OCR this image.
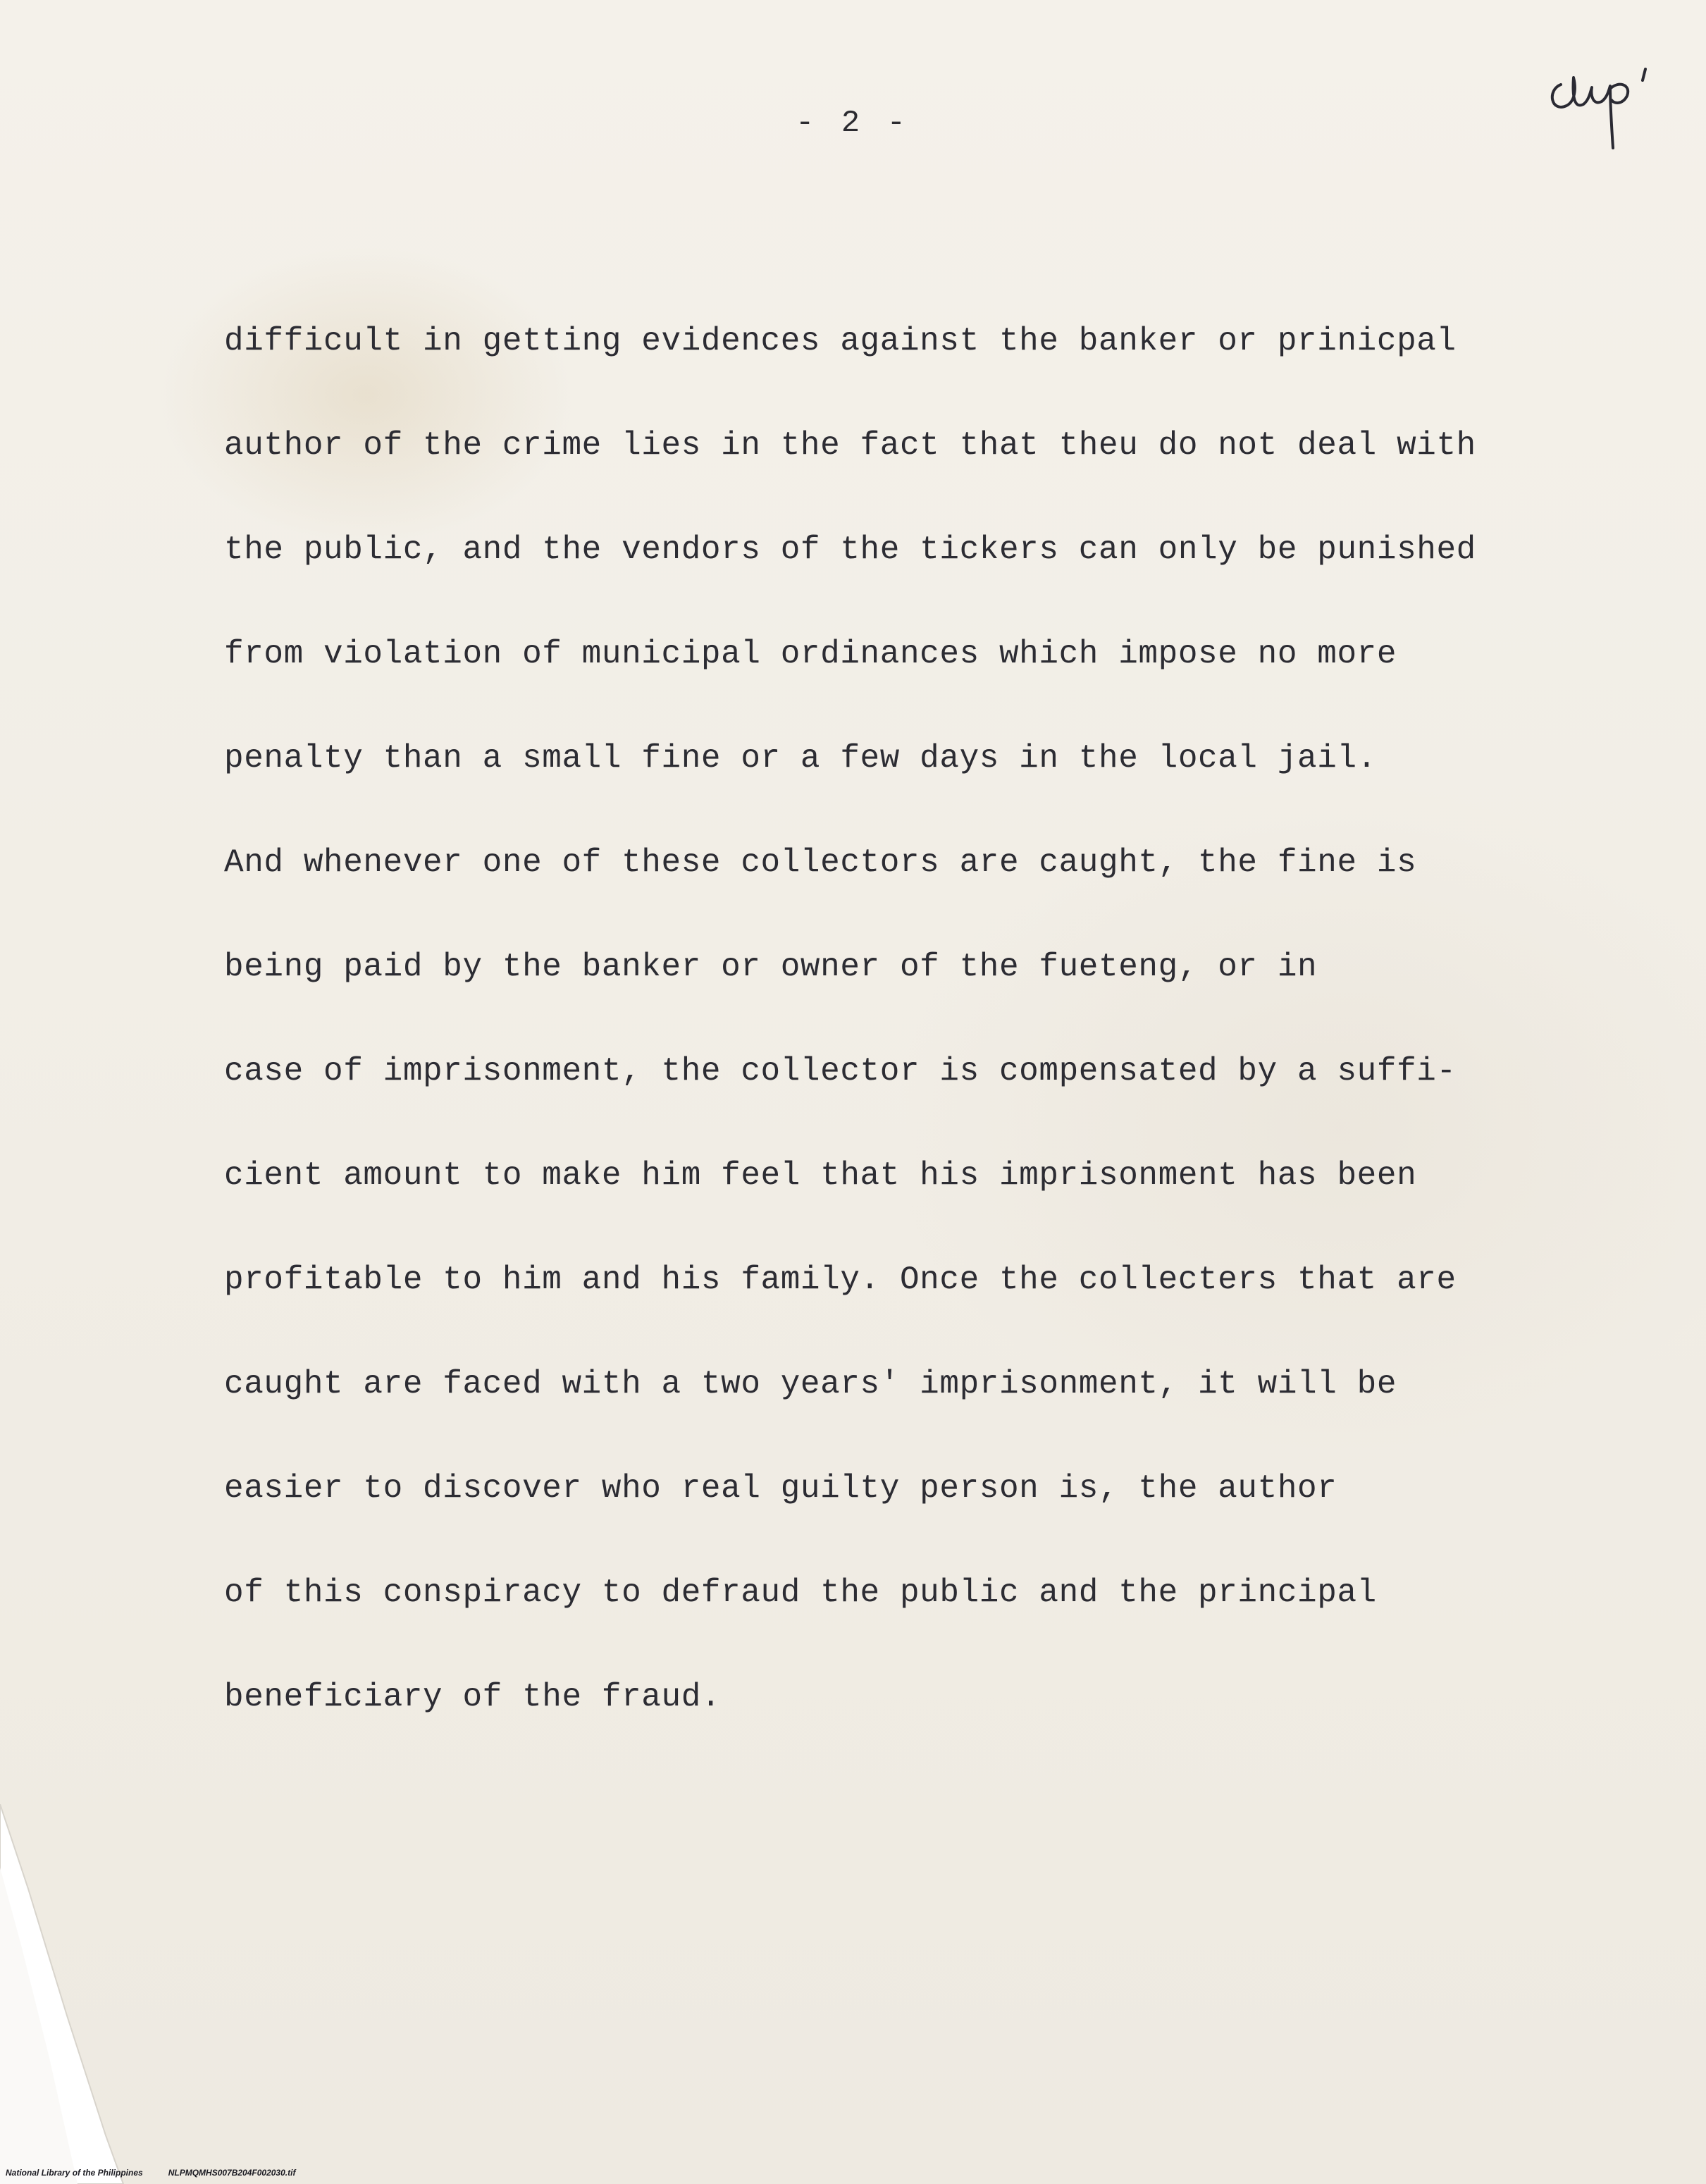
- 2 -
difficult in getting evidences against the banker or prinicpal
author of the crime lies in the fact that theu do not deal with
the public, and the vendors of the tickers can only be punished
from violation of municipal ordinances which impose no more
penalty than a small fine or a few days in the local jail.
And whenever one of these collectors are caught, the fine is
being paid by the banker or owner of the fueteng, or in
case of imprisonment, the collector is compensated by a suffi-
cient amount to make him feel that his imprisonment has been
profitable to him and his family. Once the collecters that are
caught are faced with a two years' imprisonment, it will be
easier to discover who real guilty person is, the author
of this conspiracy to defraud the public and the principal
beneficiary of the fraud.
National Library of the Philippines	NLPMQMHS007B204F002030.tif
